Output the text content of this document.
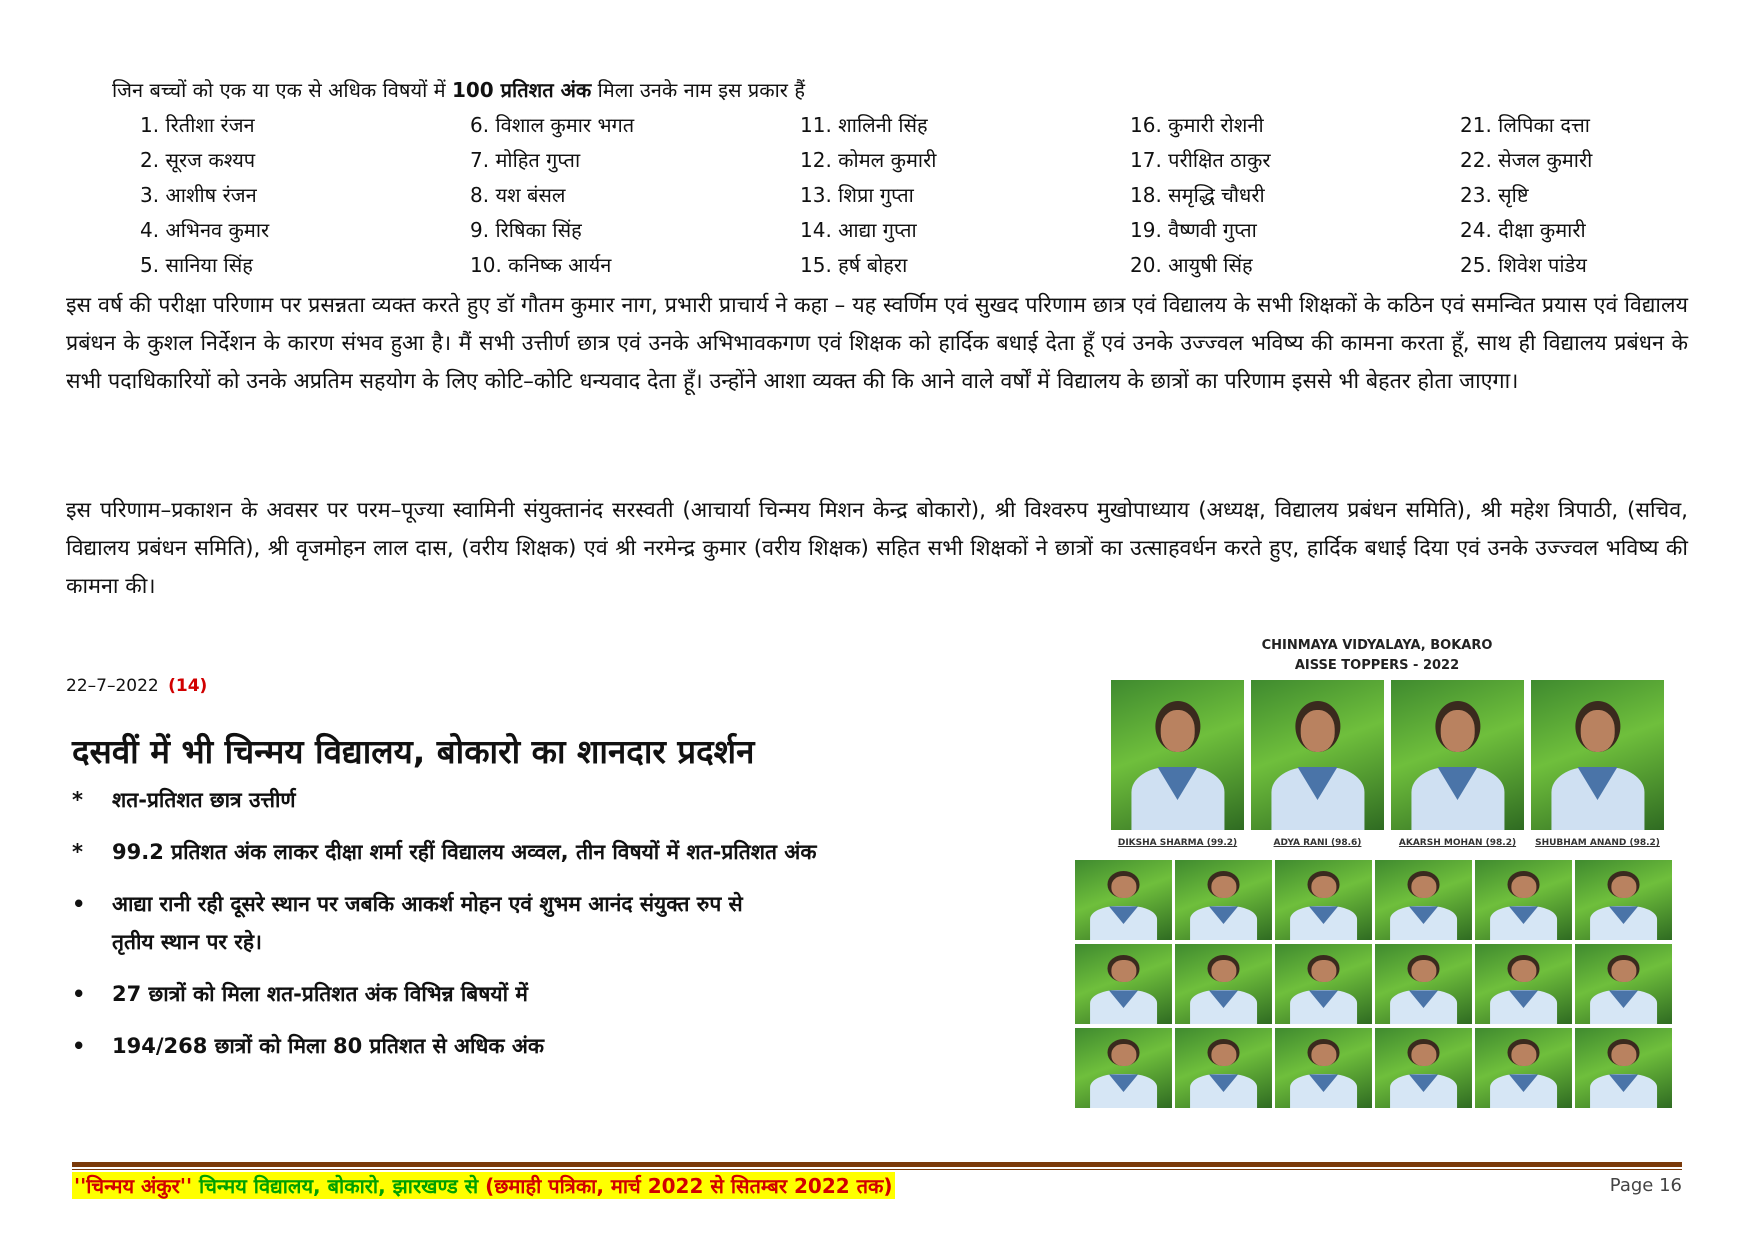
जिन बच्चों को एक या एक से अधिक विषयों में 100 प्रतिशत अंक मिला उनके नाम इस प्रकार हैं
1. रितीशा रंजन	6. विशाल कुमार भगत	11. शालिनी सिंह	16. कुमारी रोशनी	21. लिपिका दत्ता
2. सूरज कश्यप	7. मोहित गुप्ता	12. कोमल कुमारी	17. परीक्षित ठाकुर	22. सेजल कुमारी
3. आशीष रंजन	8. यश बंसल	13. शिप्रा गुप्ता	18. समृद्धि चौधरी	23. सृष्टि
4. अभिनव कुमार	9. रिषिका सिंह	14. आद्या गुप्ता	19. वैष्णवी गुप्ता	24. दीक्षा कुमारी
5. सानिया सिंह	10. कनिष्क आर्यन	15. हर्ष बोहरा	20. आयुषी सिंह	25. शिवेश पांडेय
इस वर्ष की परीक्षा परिणाम पर प्रसन्नता व्यक्त करते हुए डॉ गौतम कुमार नाग, प्रभारी प्राचार्य ने कहा – यह स्वर्णिम एवं सुखद परिणाम छात्र एवं विद्यालय के सभी शिक्षकों के कठिन एवं समन्वित प्रयास एवं विद्यालय प्रबंधन के कुशल निर्देशन के कारण संभव हुआ है। मैं सभी उत्तीर्ण छात्र एवं उनके अभिभावकगण एवं शिक्षक को हार्दिक बधाई देता हूँ एवं उनके उज्ज्वल भविष्य की कामना करता हूँ, साथ ही विद्यालय प्रबंधन के सभी पदाधिकारियों को उनके अप्रतिम सहयोग के लिए कोटि–कोटि धन्यवाद देता हूँ। उन्होंने आशा व्यक्त की कि आने वाले वर्षों में विद्यालय के छात्रों का परिणाम इससे भी बेहतर होता जाएगा।
इस परिणाम–प्रकाशन के अवसर पर परम–पूज्या स्वामिनी संयुक्तानंद सरस्वती (आचार्या चिन्मय मिशन केन्द्र बोकारो), श्री विश्वरुप मुखोपाध्याय (अध्यक्ष, विद्यालय प्रबंधन समिति), श्री महेश त्रिपाठी, (सचिव, विद्यालय प्रबंधन समिति), श्री वृजमोहन लाल दास, (वरीय शिक्षक) एवं श्री नरमेन्द्र कुमार (वरीय शिक्षक) सहित सभी शिक्षकों ने छात्रों का उत्साहवर्धन करते हुए, हार्दिक बधाई दिया एवं उनके उज्ज्वल भविष्य की कामना की।
22–7–2022 (14)
दसवीं में भी चिन्मय विद्यालय, बोकारो का शानदार प्रदर्शन
*	शत-प्रतिशत छात्र उत्तीर्ण
*	99.2 प्रतिशत अंक लाकर दीक्षा शर्मा रहीं विद्यालय अव्वल, तीन विषयों में शत-प्रतिशत अंक
•	आद्या रानी रही दूसरे स्थान पर जबकि आकर्श मोहन एवं शुभम आनंद संयुक्त रुप से
तृतीय स्थान पर रहे।
•	27 छात्रों को मिला शत-प्रतिशत अंक विभिन्न बिषयों में
•	194/268 छात्रों को मिला 80 प्रतिशत से अधिक अंक
CHINMAYA VIDYALAYA, BOKARO
AISSE TOPPERS - 2022
DIKSHA SHARMA (99.2)	ADYA RANI (98.6)	AKARSH MOHAN (98.2)	SHUBHAM ANAND (98.2)
''चिन्मय अंकुर'' चिन्मय विद्यालय, बोकारो, झारखण्ड से (छमाही पत्रिका, मार्च 2022 से सितम्बर 2022 तक)	Page 16
